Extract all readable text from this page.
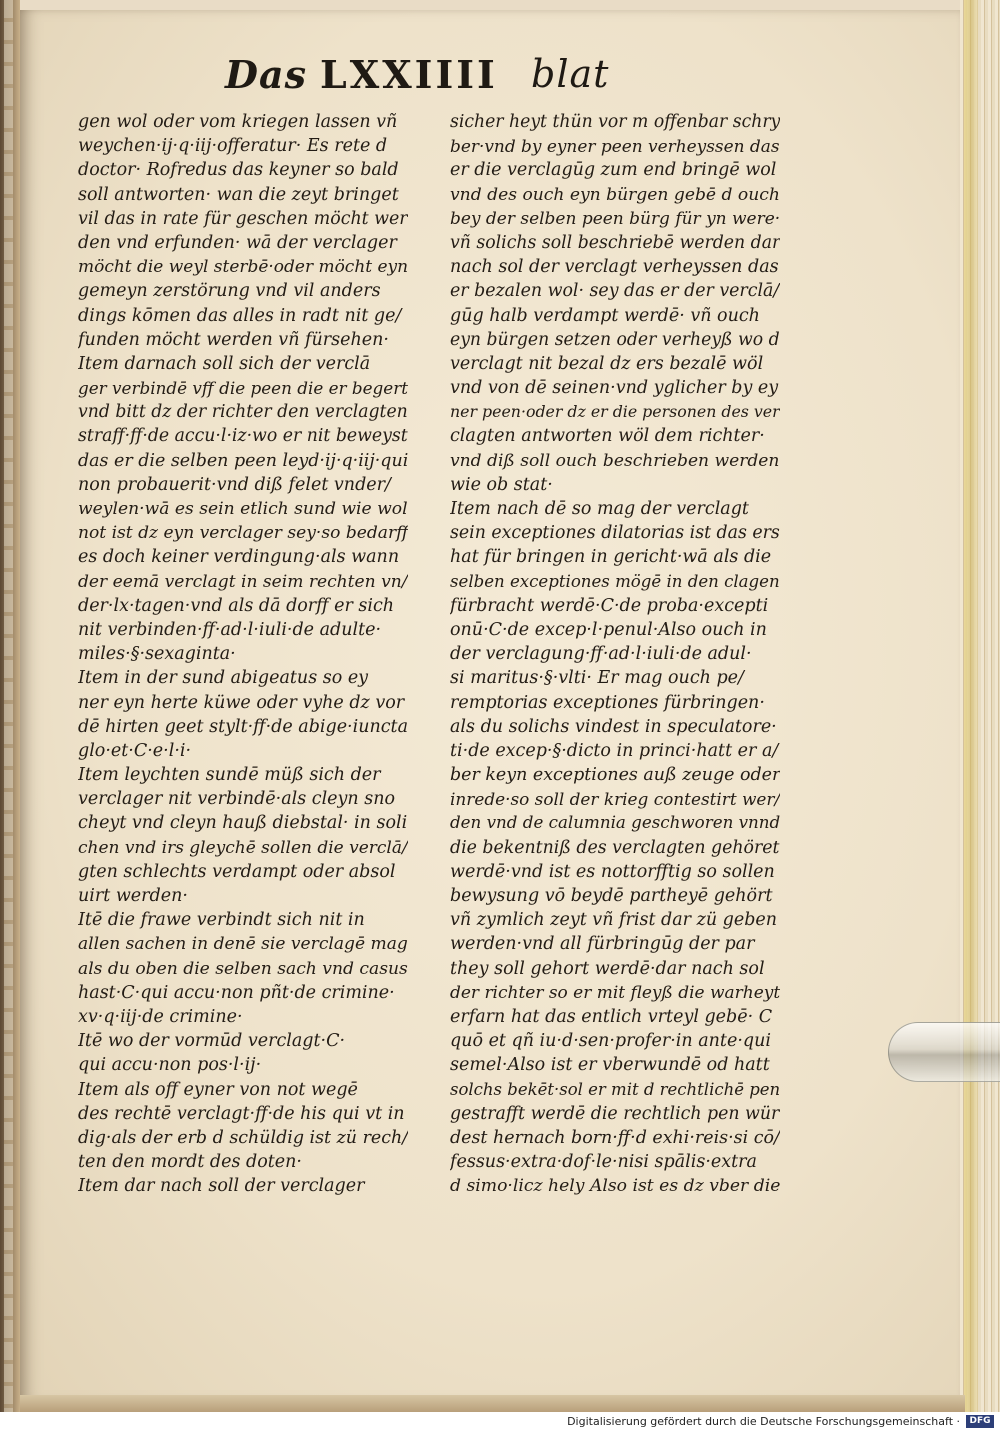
Das LXXIIII blat
gen wol oder vom kriegen lassen vñ
weychen·ij·q·iij·offeratur· Es rete d
doctor· Rofredus das keyner so bald
soll antworten· wan die zeyt bringet
vil das in rate für geschen möcht wer
den vnd erfunden· wā der verclager
möcht die weyl sterbē·oder möcht eyn
gemeyn zerstörung vnd vil anders
dings kōmen das alles in radt nit ge/
funden möcht werden vñ fürsehen·
Item darnach soll sich der verclā
ger verbindē vff die peen die er begert
vnd bitt dz der richter den verclagten
straff·ff·de accu·l·iz·wo er nit beweyst
das er die selben peen leyd·ij·q·iij·qui
non probauerit·vnd diß felet vnder/
weylen·wā es sein etlich sund wie wol
not ist dz eyn verclager sey·so bedarff
es doch keiner verdingung·als wann
der eemā verclagt in seim rechten vn/
der·lx·tagen·vnd als dā dorff er sich
nit verbinden·ff·ad·l·iuli·de adulte·
miles·§·sexaginta·
Item in der sund abigeatus so ey
ner eyn herte küwe oder vyhe dz vor
dē hirten geet stylt·ff·de abige·iuncta
glo·et·C·e·l·i·
Item leychten sundē müß sich der
verclager nit verbindē·als cleyn sno
cheyt vnd cleyn hauß diebstal· in soli
chen vnd irs gleychē sollen die verclā/
gten schlechts verdampt oder absol
uirt werden·
Itē die frawe verbindt sich nit in
allen sachen in denē sie verclagē mag
als du oben die selben sach vnd casus
hast·C·qui accu·non pñt·de crimine·
xv·q·iij·de crimine·
Itē wo der vormūd verclagt·C·
qui accu·non pos·l·ij·
Item als off eyner von not wegē
des rechtē verclagt·ff·de his qui vt in
dig·als der erb d schüldig ist zü rech/
ten den mordt des doten·
Item dar nach soll der verclager
sicher heyt thün vor m offenbar schry
ber·vnd by eyner peen verheyssen das
er die verclagūg zum end bringē wol
vnd des ouch eyn bürgen gebē d ouch
bey der selben peen bürg für yn were·
vñ solichs soll beschriebē werden dar
nach sol der verclagt verheyssen das
er bezalen wol· sey das er der verclā/
gūg halb verdampt werdē· vñ ouch
eyn bürgen setzen oder verheyß wo d
verclagt nit bezal dz ers bezalē wöl
vnd von dē seinen·vnd yglicher by ey
ner peen·oder dz er die personen des ver
clagten antworten wöl dem richter·
vnd diß soll ouch beschrieben werden
wie ob stat·
Item nach dē so mag der verclagt
sein exceptiones dilatorias ist das ers
hat für bringen in gericht·wā als die
selben exceptiones mögē in den clagen
fürbracht werdē·C·de proba·excepti
onū·C·de excep·l·penul·Also ouch in
der verclagung·ff·ad·l·iuli·de adul·
si maritus·§·vlti· Er mag ouch pe/
remptorias exceptiones fürbringen·
als du solichs vindest in speculatore·
ti·de excep·§·dicto in princi·hatt er a/
ber keyn exceptiones auß zeuge oder
inrede·so soll der krieg contestirt wer/
den vnd de calumnia geschworen vnnd
die bekentniß des verclagten gehöret
werdē·vnd ist es nottorfftig so sollen
bewysung vō beydē partheyē gehört
vñ zymlich zeyt vñ frist dar zü geben
werden·vnd all fürbringūg der par
they soll gehort werdē·dar nach sol
der richter so er mit fleyß die warheyt
erfarn hat das entlich vrteyl gebē· C
quō et qñ iu·d·sen·profer·in ante·qui
semel·Also ist er vberwundē od hatt
solchs bekēt·sol er mit d rechtlichē pen
gestrafft werdē die rechtlich pen wür
dest hernach born·ff·d exhi·reis·si cō/
fessus·extra·dof·le·nisi spālis·extra
d simo·licz hely Also ist es dz vber die
Digitalisierung gefördert durch die Deutsche Forschungsgemeinschaft ·	DFG
